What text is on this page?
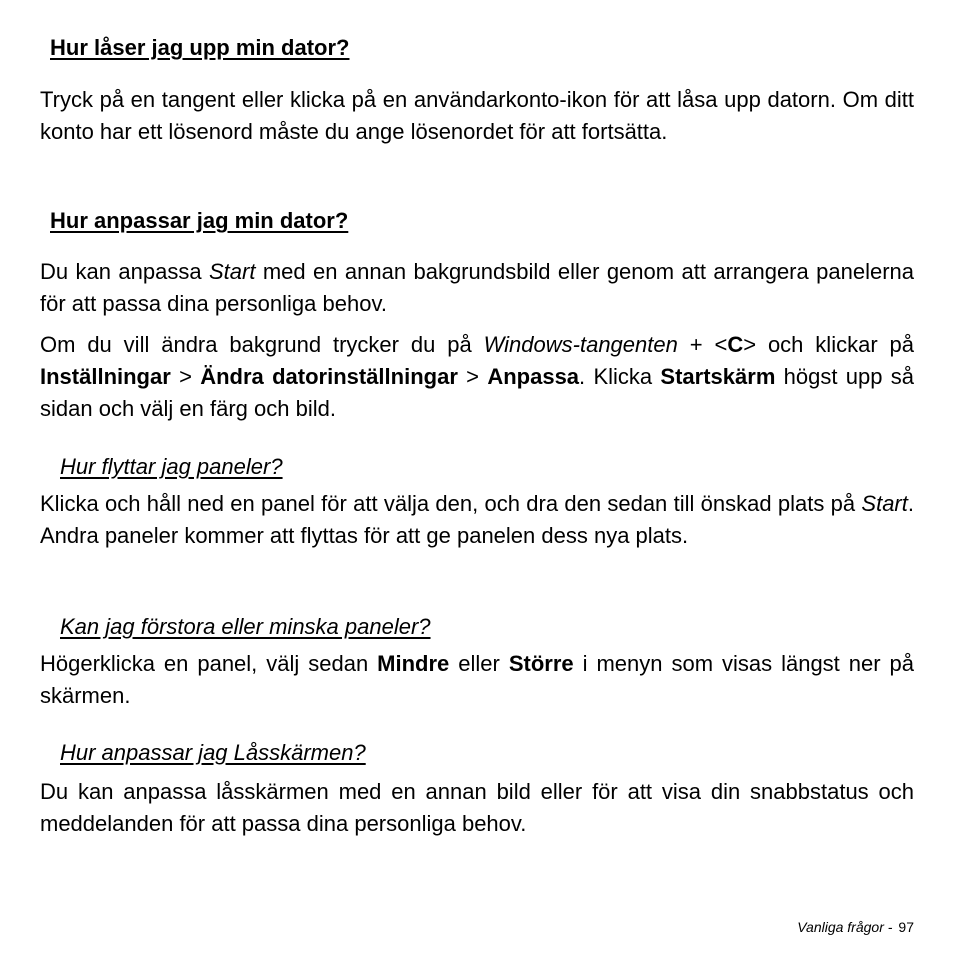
Hur låser jag upp min dator?

Tryck på en tangent eller klicka på en användarkonto-ikon för att låsa upp datorn. Om ditt konto har ett lösenord måste du ange lösenordet för att fortsätta.

Hur anpassar jag min dator?

Du kan anpassa Start med en annan bakgrundsbild eller genom att arrangera panelerna för att passa dina personliga behov.

Om du vill ändra bakgrund trycker du på Windows-tangenten + <C> och klickar på Inställningar > Ändra datorinställningar > Anpassa. Klicka Startskärm högst upp så sidan och välj en färg och bild.

Hur flyttar jag paneler?

Klicka och håll ned en panel för att välja den, och dra den sedan till önskad plats på Start. Andra paneler kommer att flyttas för att ge panelen dess nya plats.

Kan jag förstora eller minska paneler?

Högerklicka en panel, välj sedan Mindre eller Större i menyn som visas längst ner på skärmen.

Hur anpassar jag Låsskärmen?

Du kan anpassa låsskärmen med en annan bild eller för att visa din snabbstatus och meddelanden för att passa dina personliga behov.

Vanliga frågor - 97
